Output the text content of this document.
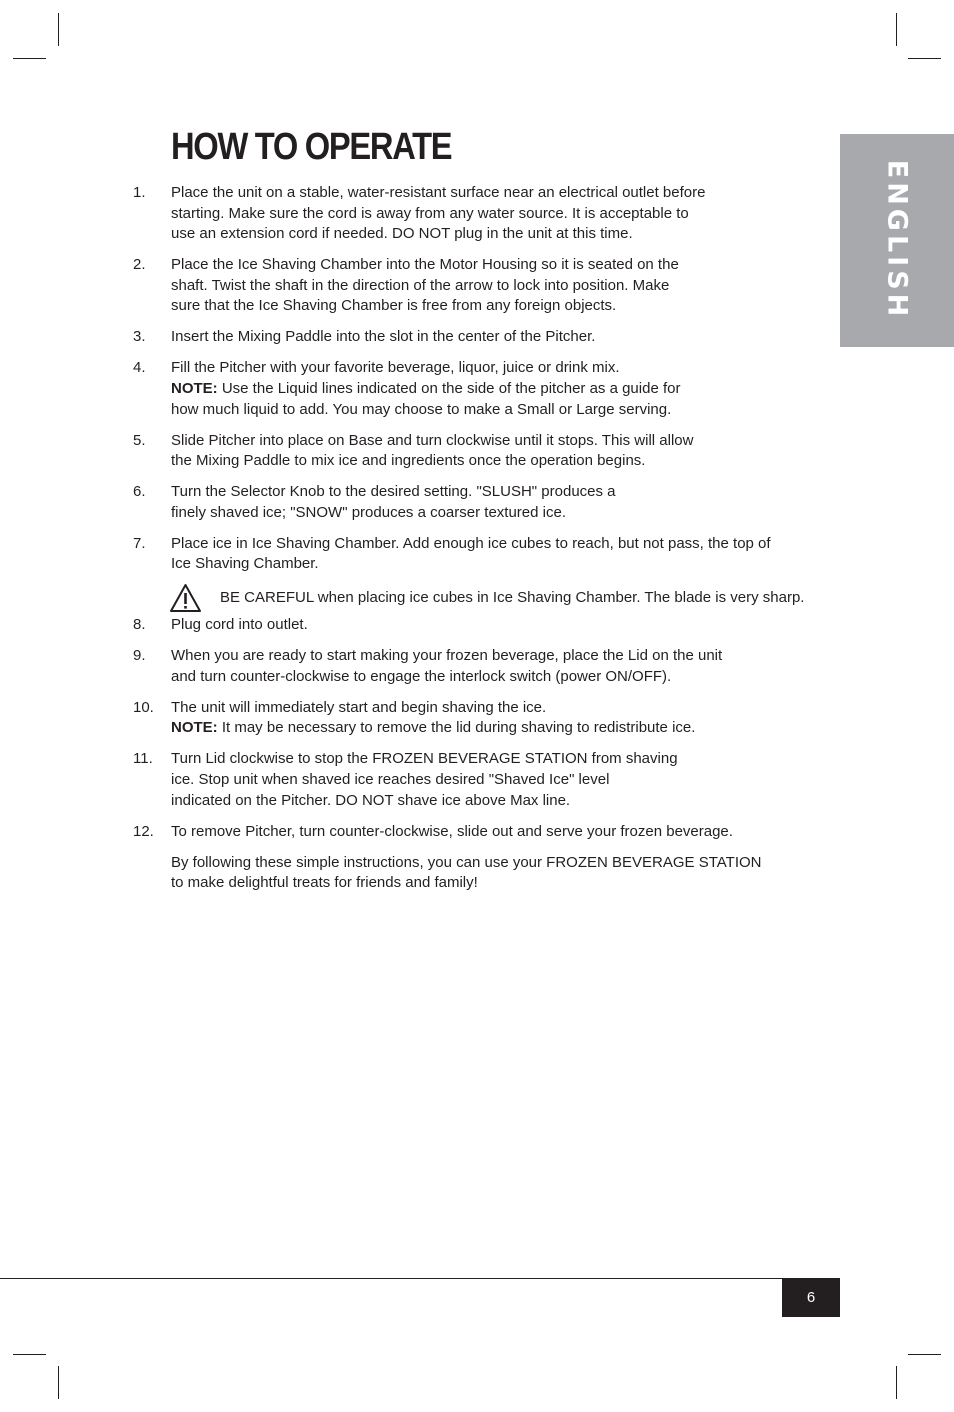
HOW TO OPERATE
ENGLISH
1. Place the unit on a stable, water-resistant surface near an electrical outlet before
starting. Make sure the cord is away from any water source. It is acceptable to
use an extension cord if needed. DO NOT plug in the unit at this time.
2. Place the Ice Shaving Chamber into the Motor Housing so it is seated on the
shaft. Twist the shaft in the direction of the arrow to lock into position. Make
sure that the Ice Shaving Chamber is free from any foreign objects.
3. Insert the Mixing Paddle into the slot in the center of the Pitcher.
4. Fill the Pitcher with your favorite beverage, liquor, juice or drink mix.
NOTE: Use the Liquid lines indicated on the side of the pitcher as a guide for
how much liquid to add. You may choose to make a Small or Large serving.
5. Slide Pitcher into place on Base and turn clockwise until it stops. This will allow
the Mixing Paddle to mix ice and ingredients once the operation begins.
6. Turn the Selector Knob to the desired setting. "SLUSH" produces a
finely shaved ice; "SNOW" produces a coarser textured ice.
7. Place ice in Ice Shaving Chamber. Add enough ice cubes to reach, but not pass, the top of
Ice Shaving Chamber.
BE CAREFUL when placing ice cubes in Ice Shaving Chamber. The blade is very sharp.
8. Plug cord into outlet.
9. When you are ready to start making your frozen beverage, place the Lid on the unit
and turn counter-clockwise to engage the interlock switch (power ON/OFF).
10. The unit will immediately start and begin shaving the ice.
NOTE: It may be necessary to remove the lid during shaving to redistribute ice.
11. Turn Lid clockwise to stop the FROZEN BEVERAGE STATION from shaving
ice. Stop unit when shaved ice reaches desired "Shaved Ice" level
indicated on the Pitcher. DO NOT shave ice above Max line.
12. To remove Pitcher, turn counter-clockwise, slide out and serve your frozen beverage.
By following these simple instructions, you can use your FROZEN BEVERAGE STATION
to make delightful treats for friends and family!
6
